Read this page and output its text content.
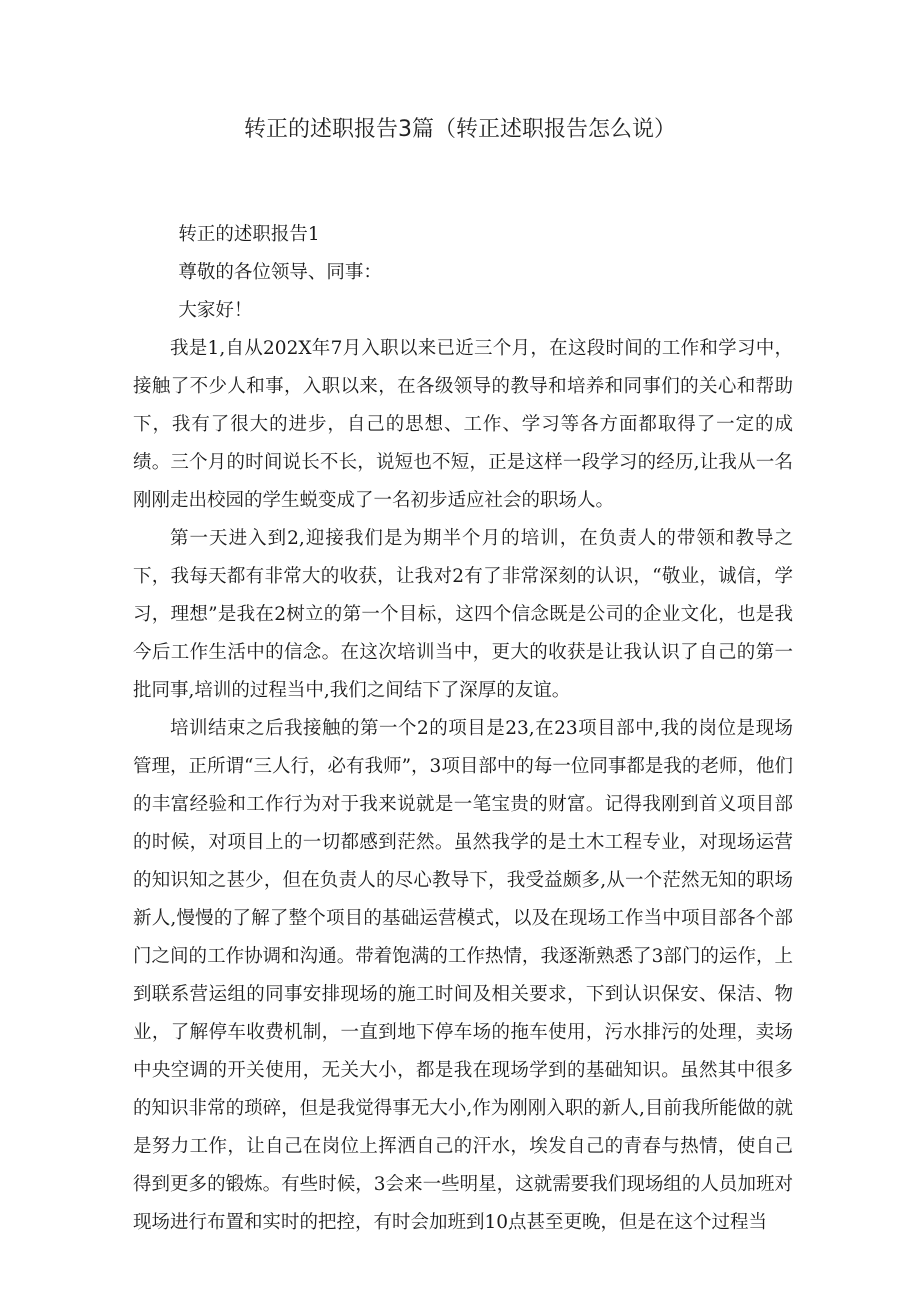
转正的述职报告3篇（转正述职报告怎么说）

转正的述职报告1

尊敬的各位领导、同事：

大家好！

我是1,自从202X年7月入职以来已近三个月，在这段时间的工作和学习中，接触了不少人和事，入职以来，在各级领导的教导和培养和同事们的关心和帮助下，我有了很大的进步，自己的思想、工作、学习等各方面都取得了一定的成绩。三个月的时间说长不长，说短也不短，正是这样一段学习的经历,让我从一名刚刚走出校园的学生蜕变成了一名初步适应社会的职场人。

第一天进入到2,迎接我们是为期半个月的培训，在负责人的带领和教导之下，我每天都有非常大的收获，让我对2有了非常深刻的认识，“敬业，诚信，学习，理想”是我在2树立的第一个目标，这四个信念既是公司的企业文化，也是我今后工作生活中的信念。在这次培训当中，更大的收获是让我认识了自己的第一批同事,培训的过程当中,我们之间结下了深厚的友谊。

培训结束之后我接触的第一个2的项目是23,在23项目部中,我的岗位是现场管理，正所谓“三人行，必有我师”，3项目部中的每一位同事都是我的老师，他们的丰富经验和工作行为对于我来说就是一笔宝贵的财富。记得我刚到首义项目部的时候，对项目上的一切都感到茫然。虽然我学的是土木工程专业，对现场运营的知识知之甚少，但在负责人的尽心教导下，我受益颇多,从一个茫然无知的职场新人,慢慢的了解了整个项目的基础运营模式，以及在现场工作当中项目部各个部门之间的工作协调和沟通。带着饱满的工作热情，我逐渐熟悉了3部门的运作，上到联系营运组的同事安排现场的施工时间及相关要求，下到认识保安、保洁、物业，了解停车收费机制，一直到地下停车场的拖车使用，污水排污的处理，卖场中央空调的开关使用，无关大小，都是我在现场学到的基础知识。虽然其中很多的知识非常的琐碎，但是我觉得事无大小,作为刚刚入职的新人,目前我所能做的就是努力工作，让自己在岗位上挥洒自己的汗水，埃发自己的青春与热情，使自己得到更多的锻炼。有些时候，3会来一些明星，这就需要我们现场组的人员加班对现场进行布置和实时的把控，有时会加班到10点甚至更晚，但是在这个过程当
